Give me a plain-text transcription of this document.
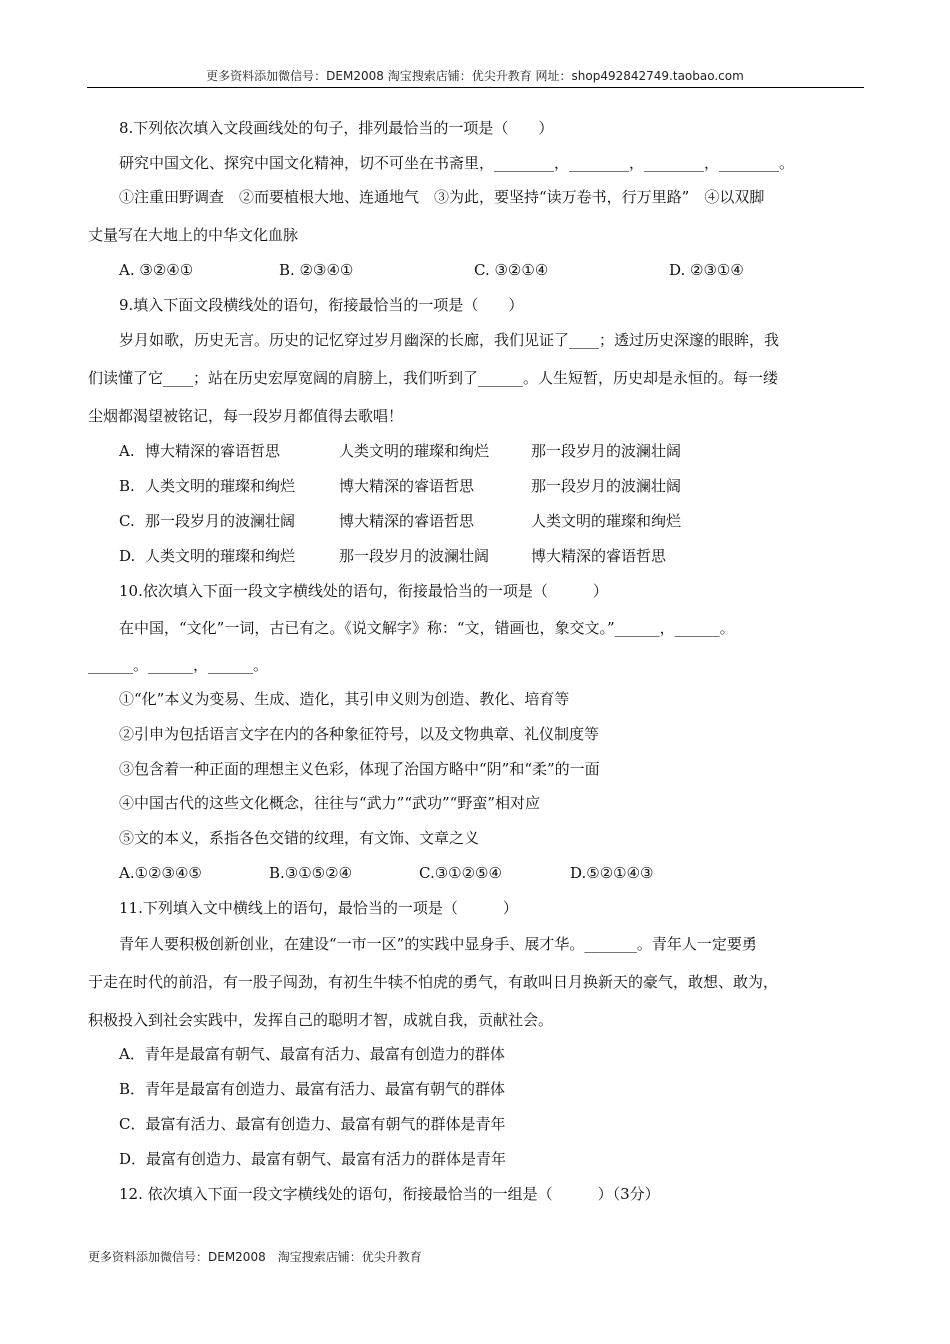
更多资料添加微信号：DEM2008 淘宝搜索店铺：优尖升教育 网址：shop492842749.taobao.com
8.下列依次填入文段画线处的句子，排列最恰当的一项是（　　）
研究中国文化、探究中国文化精神，切不可坐在书斋里，________，________，________，________。
①注重田野调查　②而要植根大地、连通地气　③为此，要坚持“读万卷书，行万里路”　④以双脚
丈量写在大地上的中华文化血脉
A. ③②④①	B. ②③④①	C. ③②①④	D. ②③①④
9.填入下面文段横线处的语句，衔接最恰当的一项是（　　）
岁月如歌，历史无言。历史的记忆穿过岁月幽深的长廊，我们见证了____；透过历史深邃的眼眸，我
们读懂了它____；站在历史宏厚宽阔的肩膀上，我们听到了______。人生短暂，历史却是永恒的。每一缕
尘烟都渴望被铭记，每一段岁月都值得去歌唱！
A. 博大精深的睿语哲思	人类文明的璀璨和绚烂	那一段岁月的波澜壮阔
B. 人类文明的璀璨和绚烂	博大精深的睿语哲思	那一段岁月的波澜壮阔
C. 那一段岁月的波澜壮阔	博大精深的睿语哲思	人类文明的璀璨和绚烂
D. 人类文明的璀璨和绚烂	那一段岁月的波澜壮阔	博大精深的睿语哲思
10.依次填入下面一段文字横线处的语句，衔接最恰当的一项是（　　　）
在中国，“文化”一词，古已有之。《说文解字》称：“文，错画也，象交文。”______，______。
______。______，______。
①“化”本义为变易、生成、造化，其引申义则为创造、教化、培育等
②引申为包括语言文字在内的各种象征符号，以及文物典章、礼仪制度等
③包含着一种正面的理想主义色彩，体现了治国方略中“阴”和“柔”的一面
④中国古代的这些文化概念，往往与“武力”“武功”“野蛮”相对应
⑤文的本义，系指各色交错的纹理，有文饰、文章之义
A.①②③④⑤	B.③①⑤②④	C.③①②⑤④	D.⑤②①④③
11.下列填入文中横线上的语句，最恰当的一项是（　　　）
青年人要积极创新创业，在建设“一市一区”的实践中显身手、展才华。_______。青年人一定要勇
于走在时代的前沿，有一股子闯劲，有初生牛犊不怕虎的勇气，有敢叫日月换新天的豪气，敢想、敢为，
积极投入到社会实践中，发挥自己的聪明才智，成就自我，贡献社会。
A．青年是最富有朝气、最富有活力、最富有创造力的群体
B．青年是最富有创造力、最富有活力、最富有朝气的群体
C．最富有活力、最富有创造力、最富有朝气的群体是青年
D．最富有创造力、最富有朝气、最富有活力的群体是青年
12. 依次填入下面一段文字横线处的语句，衔接最恰当的一组是（　　　）（3分）
更多资料添加微信号：DEM2008　淘宝搜索店铺：优尖升教育
